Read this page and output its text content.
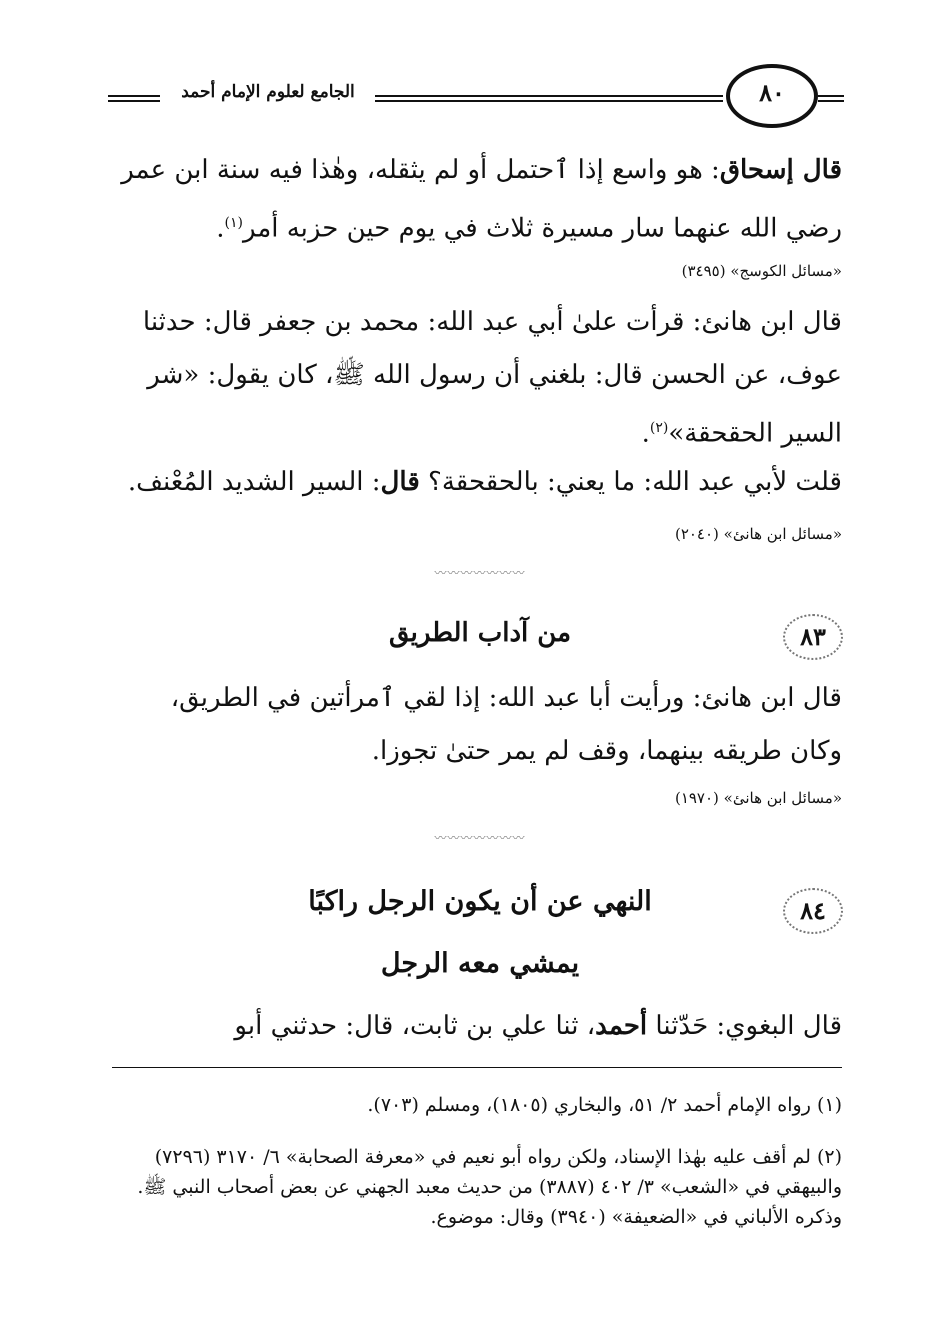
الجامع لعلوم الإمام أحمد	٨٠
قال إسحاق: هو واسع إذا ٱحتمل أو لم يثقله، وهٰذا فيه سنة ابن عمر رضي الله عنهما سار مسيرة ثلاث في يوم حين حزبه أمر$^{(١)}$.
«مسائل الكوسج» (٣٤٩٥)
قال ابن هانئ: قرأت علىٰ أبي عبد الله: محمد بن جعفر قال: حدثنا عوف، عن الحسن قال: بلغني أن رسول الله ﷺ، كان يقول: «شر السير الحقحقة»$^{(٢)}$.
قلت لأبي عبد الله: ما يعني: بالحقحقة؟ قال: السير الشديد المُعْنف.
«مسائل ابن هانئ» (٢٠٤٠)
〰〰〰〰〰〰〰
٨٣
من آداب الطريق
قال ابن هانئ: ورأيت أبا عبد الله: إذا لقي ٱمرأتين في الطريق، وكان طريقه بينهما، وقف لم يمر حتىٰ تجوزا.
«مسائل ابن هانئ» (١٩٧٠)
〰〰〰〰〰〰〰
٨٤
النهي عن أن يكون الرجل راكبًا
يمشي معه الرجل
قال البغوي: حَدّثنا أحمد، ثنا علي بن ثابت، قال: حدثني أبو
(١) رواه الإمام أحمد ٢/ ٥١، والبخاري (١٨٠٥)، ومسلم (٧٠٣).
(٢) لم أقف عليه بهٰذا الإسناد، ولكن رواه أبو نعيم في «معرفة الصحابة» ٦/ ٣١٧٠ (٧٢٩٦) والبيهقي في «الشعب» ٣/ ٤٠٢ (٣٨٨٧) من حديث معبد الجهني عن بعض أصحاب النبي ﷺ. وذكره الألباني في «الضعيفة» (٣٩٤٠) وقال: موضوع.
